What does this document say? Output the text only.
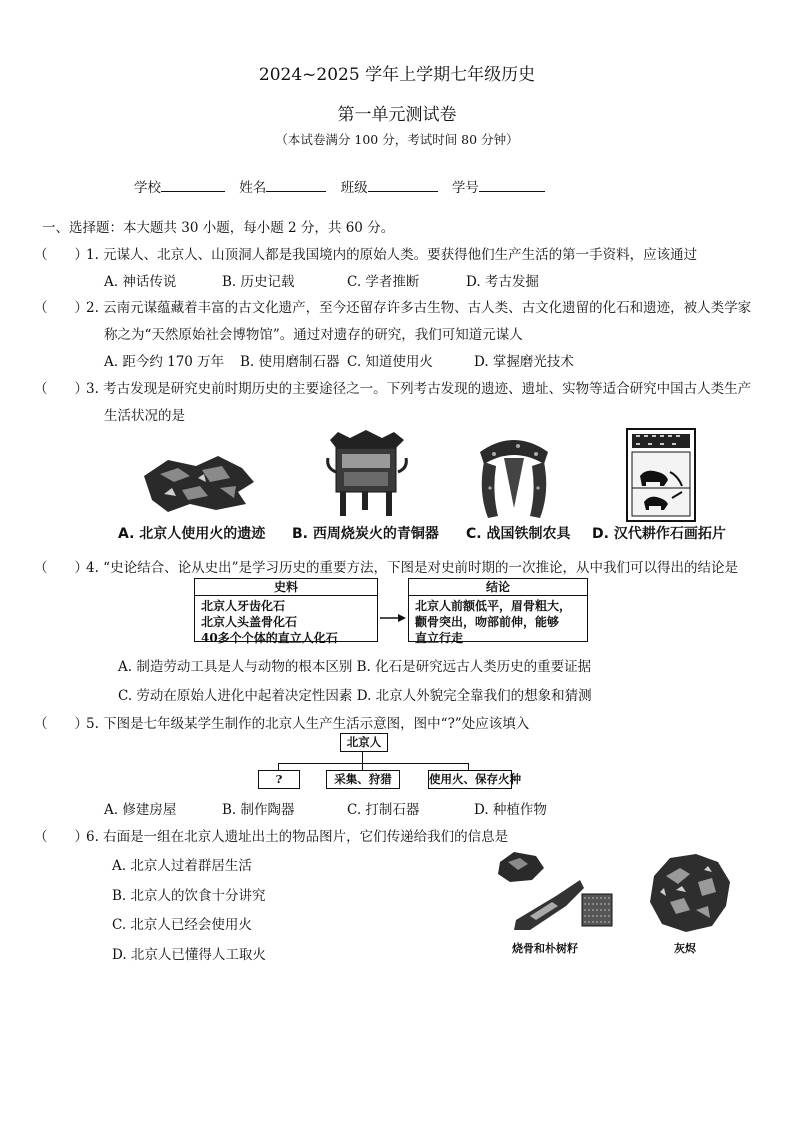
2024~2025 学年上学期七年级历史
第一单元测试卷
（本试卷满分 100 分，考试时间 80 分钟）
学校	姓名	班级	学号
一、选择题：本大题共 30 小题，每小题 2 分，共 60 分。
（　　）
1. 元谋人、北京人、山顶洞人都是我国境内的原始人类。要获得他们生产生活的第一手资料，应该通过
A. 神话传说	B. 历史记载	C. 学者推断	D. 考古发掘
（　　）
2. 云南元谋蕴藏着丰富的古文化遗产，至今还留存许多古生物、古人类、古文化遗留的化石和遗迹，被人类学家
称之为“天然原始社会博物馆”。通过对遗存的研究，我们可知道元谋人
A. 距今约 170 万年 B. 使用磨制石器 C. 知道使用火	D. 掌握磨光技术
（　　）
3. 考古发现是研究史前时期历史的主要途径之一。下列考古发现的遗迹、遗址、实物等适合研究中国古人类生产
生活状况的是
A. 北京人使用火的遗迹 B. 西周烧炭火的青铜器 C. 战国铁制农具 D. 汉代耕作石画拓片
（　　）
4. “史论结合、论从史出”是学习历史的重要方法，下图是对史前时期的一次推论，从中我们可以得出的结论是
史料
北京人牙齿化石
北京人头盖骨化石
40多个个体的直立人化石
结论
北京人前额低平，眉骨粗大，
颧骨突出，吻部前伸，能够
直立行走
A. 制造劳动工具是人与动物的根本区别 B. 化石是研究远古人类历史的重要证据
C. 劳动在原始人进化中起着决定性因素 D. 北京人外貌完全靠我们的想象和猜测
（　　）
5. 下图是七年级某学生制作的北京人生产生活示意图，图中“?”处应该填入
北京人
?	采集、狩猎	使用火、保存火种
A. 修建房屋	B. 制作陶器	C. 打制石器	D. 种植作物
（　　）
6. 右面是一组在北京人遗址出土的物品图片，它们传递给我们的信息是
A. 北京人过着群居生活
B. 北京人的饮食十分讲究
C. 北京人已经会使用火
D. 北京人已懂得人工取火	烧骨和朴树籽	灰烬
